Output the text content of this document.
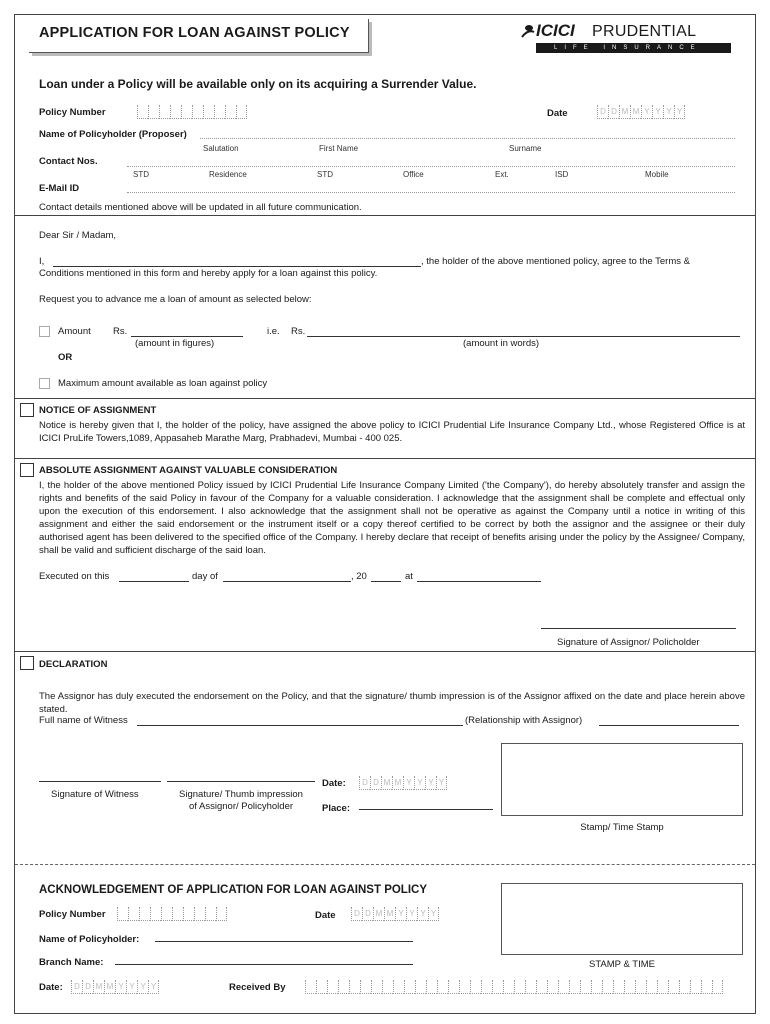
APPLICATION FOR LOAN AGAINST POLICY	ICICI PRUDENTIAL
LIFE INSURANCE
Loan under a Policy will be available only on its acquiring a Surrender Value.
Policy Number	Date	D D M M Y Y Y Y
Name of Policyholder (Proposer)
Salutation	First Name	Surname
Contact Nos.
STD	Residence	STD	Office	Ext.	ISD	Mobile
E-Mail ID
Contact details mentioned above will be updated in all future communication.
Dear Sir / Madam,
I,	, the holder of the above mentioned policy, agree to the Terms &
Conditions mentioned in this form and hereby apply for a loan against this policy.
Request you to advance me a loan of amount as selected below:
Amount Rs.	i.e. Rs.
(amount in figures)	(amount in words)
OR
Maximum amount available as loan against policy
NOTICE OF ASSIGNMENT
Notice is hereby given that I, the holder of the policy, have assigned the above policy to ICICI Prudential Life Insurance Company Ltd., whose Registered Office is at ICICI PruLife Towers,1089, Appasaheb Marathe Marg, Prabhadevi, Mumbai - 400 025.
ABSOLUTE ASSIGNMENT AGAINST VALUABLE CONSIDERATION
I, the holder of the above mentioned Policy issued by ICICI Prudential Life Insurance Company Limited ('the Company'), do hereby absolutely transfer and assign the rights and benefits of the said Policy in favour of the Company for a valuable consideration. I acknowledge that the assignment shall be complete and effectual only upon the execution of this endorsement. I also acknowledge that the assignment shall not be operative as against the Company until a notice in writing of this assignment and either the said endorsement or the instrument itself or a copy thereof certified to be correct by both the assignor and the assignee or their duly authorised agent has been delivered to the specified office of the Company. I hereby declare that receipt of benefits arising under the policy by the Assignee/ Company, shall be valid and sufficient discharge of the said loan.
Executed on this	day of	, 20	at
Signature of Assignor/ Policholder
DECLARATION
The Assignor has duly executed the endorsement on the Policy, and that the signature/ thumb impression is of the Assignor affixed on the date and place herein above stated.
Full name of Witness	(Relationship with Assignor)
Signature of Witness	Signature/ Thumb impression
of Assignor/ Policyholder
Date:	D D M M Y Y Y Y
Place:
Stamp/ Time Stamp
ACKNOWLEDGEMENT OF APPLICATION FOR LOAN AGAINST POLICY
Policy Number	Date	D D M M Y Y Y Y
Name of Policyholder:
Branch Name:
Date:	D D M M Y Y Y Y	Received By
STAMP & TIME
